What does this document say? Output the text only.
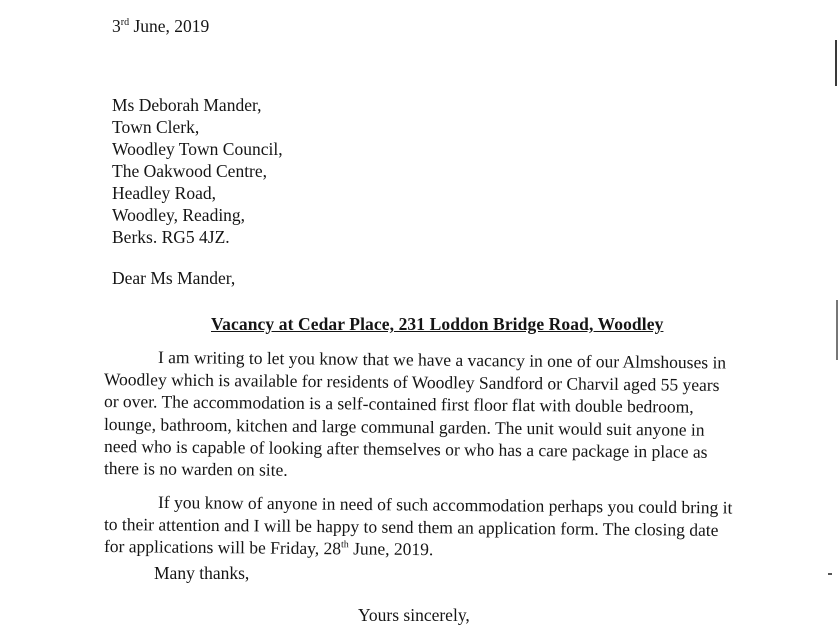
3rd June, 2019
Ms Deborah Mander,
Town Clerk,
Woodley Town Council,
The Oakwood Centre,
Headley Road,
Woodley, Reading,
Berks. RG5 4JZ.
Dear Ms Mander,
Vacancy at Cedar Place, 231 Loddon Bridge Road, Woodley
I am writing to let you know that we have a vacancy in one of our Almshouses in
Woodley which is available for residents of Woodley Sandford or Charvil aged 55 years
or over. The accommodation is a self-contained first floor flat with double bedroom,
lounge, bathroom, kitchen and large communal garden. The unit would suit anyone in
need who is capable of looking after themselves or who has a care package in place as
there is no warden on site.
If you know of anyone in need of such accommodation perhaps you could bring it
to their attention and I will be happy to send them an application form. The closing date
for applications will be Friday, 28th June, 2019.
Many thanks,
Yours sincerely,
